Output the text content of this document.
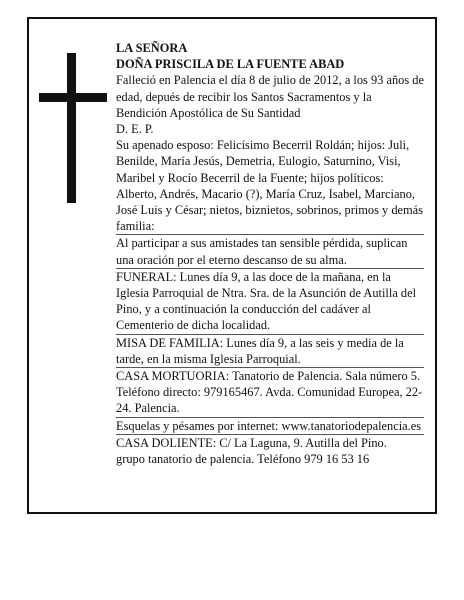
LA SEÑORA

DOÑA PRISCILA DE LA FUENTE ABAD

Falleció en Palencia el día 8 de julio de 2012, a los 93 años de edad, depués de recibir los Santos Sacramentos y la Bendición Apostólica de Su Santidad

D. E. P.

Su apenado esposo: Felicísimo Becerril Roldán; hijos: Juli, Benilde, María Jesús, Demetria, Eulogio, Saturnino, Visi, Maribel y Rocío Becerril de la Fuente; hijos políticos: Alberto, Andrés, Macario (?), María Cruz, Isabel, Marciano, José Luis y César; nietos, biznietos, sobrinos, primos y demás familia:

Al participar a sus amistades tan sensible pérdida, suplican una oración por el eterno descanso de su alma.

FUNERAL: Lunes día 9, a las doce de la mañana, en la Iglesia Parroquial de Ntra. Sra. de la Asunción de Autilla del Pino, y a continuación la conducción del cadáver al Cementerio de dicha localidad.

MISA DE FAMILIA: Lunes día 9, a las seis y media de la tarde, en la misma Iglesia Parroquial.

CASA MORTUORIA: Tanatorio de Palencia. Sala número 5. Teléfono directo: 979165467. Avda. Comunidad Europea, 22-24. Palencia.

Esquelas y pésames por internet: www.tanatoriodepalencia.es

CASA DOLIENTE: C/ La Laguna, 9. Autilla del Pino.

grupo tanatorio de palencia. Teléfono 979 16 53 16
